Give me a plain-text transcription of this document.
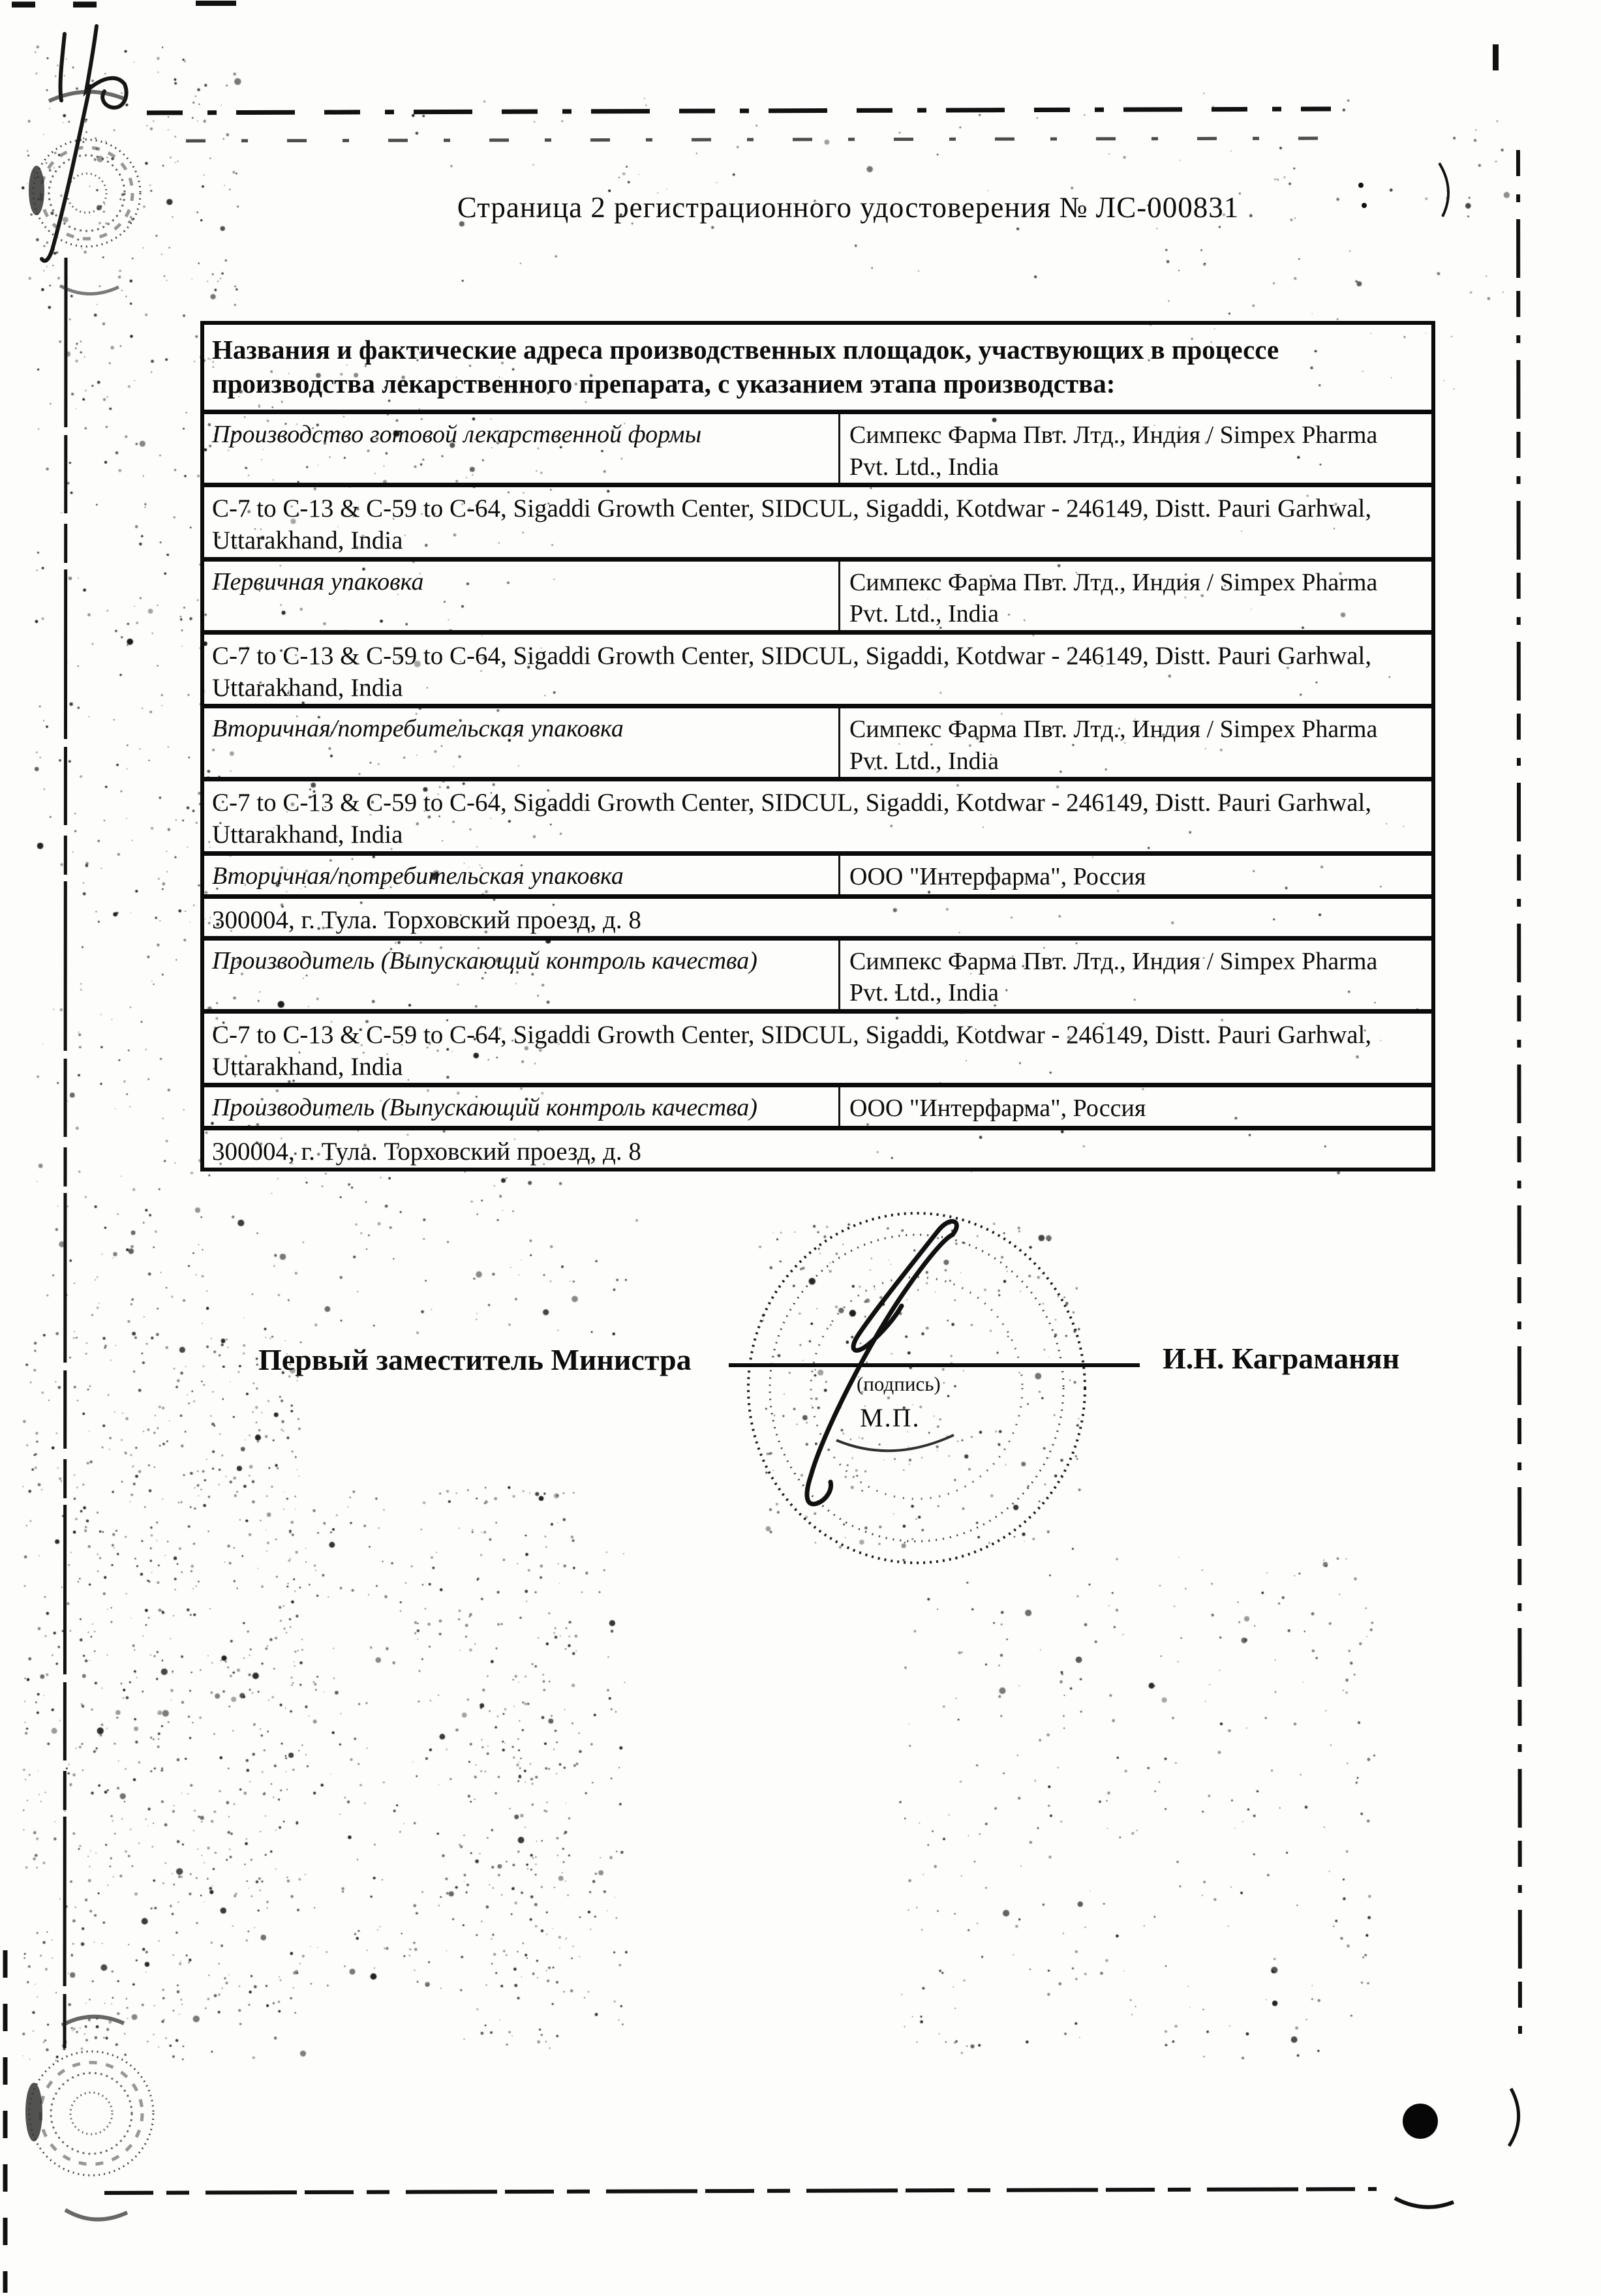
Страница 2 регистрационного удостоверения № ЛС-000831
Названия и фактические адреса производственных площадок, участвующих в процессе производства лекарственного препарата, с указанием этапа производства:
Производство готовой лекарственной формы	Симпекс Фарма Пвт. Лтд., Индия / Simpex Pharma Pvt. Ltd., India
C-7 to C-13 & C-59 to C-64, Sigaddi Growth Center, SIDCUL, Sigaddi, Kotdwar - 246149, Distt. Pauri Garhwal, Uttarakhand, India
Первичная упаковка	Симпекс Фарма Пвт. Лтд., Индия / Simpex Pharma Pvt. Ltd., India
C-7 to C-13 & C-59 to C-64, Sigaddi Growth Center, SIDCUL, Sigaddi, Kotdwar - 246149, Distt. Pauri Garhwal, Uttarakhand, India
Вторичная/потребительская упаковка	Симпекс Фарма Пвт. Лтд., Индия / Simpex Pharma Pvt. Ltd., India
C-7 to C-13 & C-59 to C-64, Sigaddi Growth Center, SIDCUL, Sigaddi, Kotdwar - 246149, Distt. Pauri Garhwal, Uttarakhand, India
Вторичная/потребительская упаковка	ООО "Интерфарма", Россия
300004, г. Тула. Торховский проезд, д. 8
Производитель (Выпускающий контроль качества)	Симпекс Фарма Пвт. Лтд., Индия / Simpex Pharma Pvt. Ltd., India
C-7 to C-13 & C-59 to C-64, Sigaddi Growth Center, SIDCUL, Sigaddi, Kotdwar - 246149, Distt. Pauri Garhwal, Uttarakhand, India
Производитель (Выпускающий контроль качества)	ООО "Интерфарма", Россия
300004, г. Тула. Торховский проезд, д. 8
Первый заместитель Министра	И.Н. Каграманян
(подпись)
М.П.
